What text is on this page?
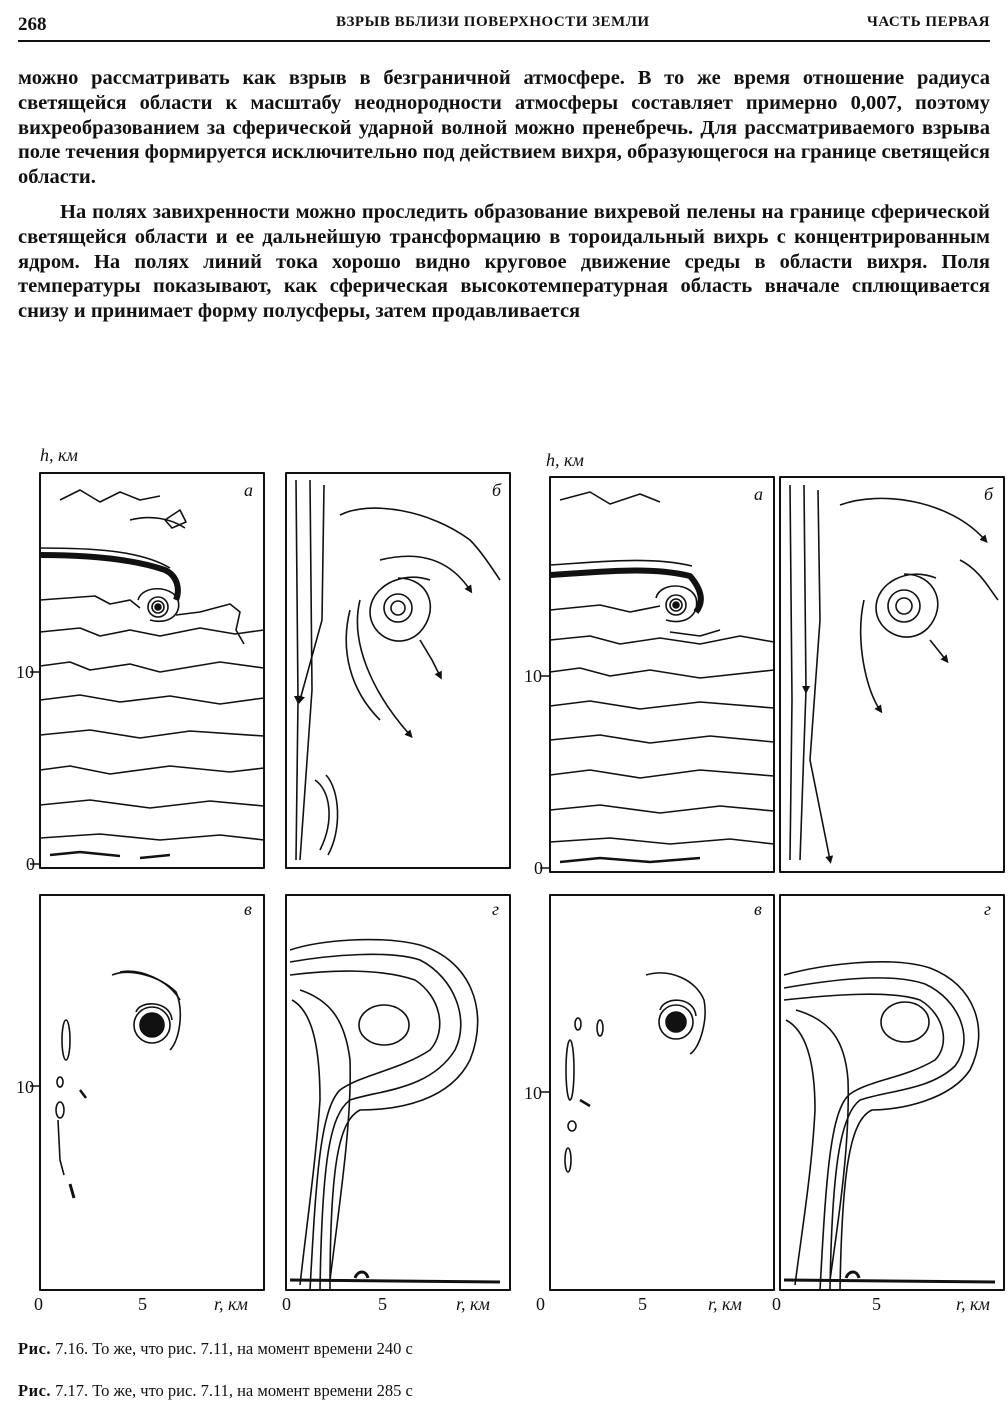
268	ВЗРЫВ ВБЛИЗИ ПОВЕРХНОСТИ ЗЕМЛИ	ЧАСТЬ ПЕРВАЯ

можно рассматривать как взрыв в безграничной атмосфере. В то же время отношение радиуса светящейся области к масштабу неоднородности атмосферы составляет примерно 0,007, поэтому вихреобразованием за сферической ударной волной можно пренебречь. Для рассматриваемого взрыва поле течения формируется исключительно под действием вихря, образующегося на границе светящейся области.

На полях завихренности можно проследить образование вихревой пелены на границе сферической светящейся области и ее дальнейшую трансформацию в тороидальный вихрь с концентрированным ядром. На полях линий тока хорошо видно круговое движение среды в области вихря. Поля температуры показывают, как сферическая высокотемпературная область вначале сплющивается снизу и принимает форму полусферы, затем продавливается

h, км	h, км
10
0
10
10
0
10
0	5	r, км 0	5	r, км	0	5	r, км 0	5	r, км
а	б
в	г
а	б
в	г
Рис. 7.16. То же, что рис. 7.11, на момент времени 240 с
Рис. 7.17. То же, что рис. 7.11, на момент времени 285 с
